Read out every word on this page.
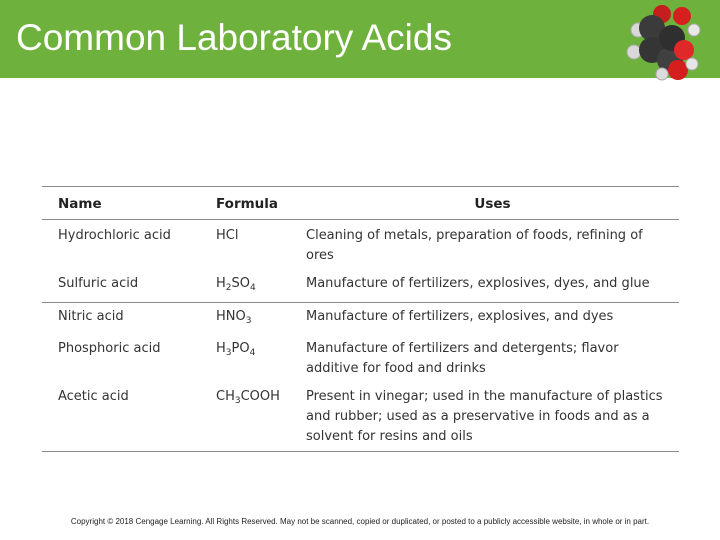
Common Laboratory Acids
Name	Formula	Uses
Hydrochloric acid	HCl	Cleaning of metals, preparation of foods, refining of ores
Sulfuric acid	$H_2SO_4$	Manufacture of fertilizers, explosives, dyes, and glue
Nitric acid	$HNO_3$	Manufacture of fertilizers, explosives, and dyes
Phosphoric acid	$H_3PO_4$	Manufacture of fertilizers and detergents; flavor additive for food and drinks
Acetic acid	$CH_3COOH$	Present in vinegar; used in the manufacture of plastics and rubber; used as a preservative in foods and as a solvent for resins and oils
Copyright © 2018 Cengage Learning. All Rights Reserved. May not be scanned, copied or duplicated, or posted to a publicly accessible website, in whole or in part.
